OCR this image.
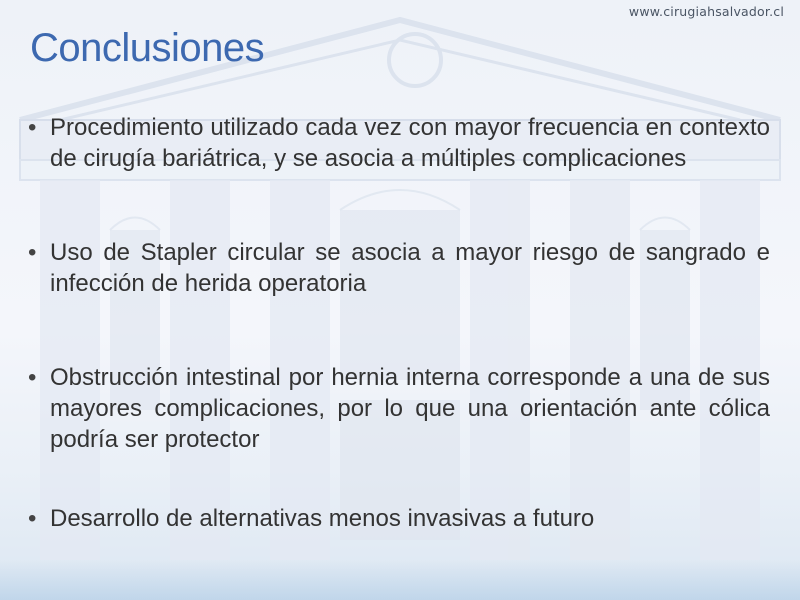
www.cirugiahsalvador.cl
Conclusiones
• Procedimiento utilizado cada vez con mayor frecuencia en contexto de cirugía bariátrica, y se asocia a múltiples complicaciones
• Uso de Stapler circular se asocia a mayor riesgo de sangrado e infección de herida operatoria
• Obstrucción intestinal por hernia interna corresponde a una de sus mayores complicaciones, por lo que una orientación ante cólica podría ser protector
• Desarrollo de alternativas menos invasivas a futuro
